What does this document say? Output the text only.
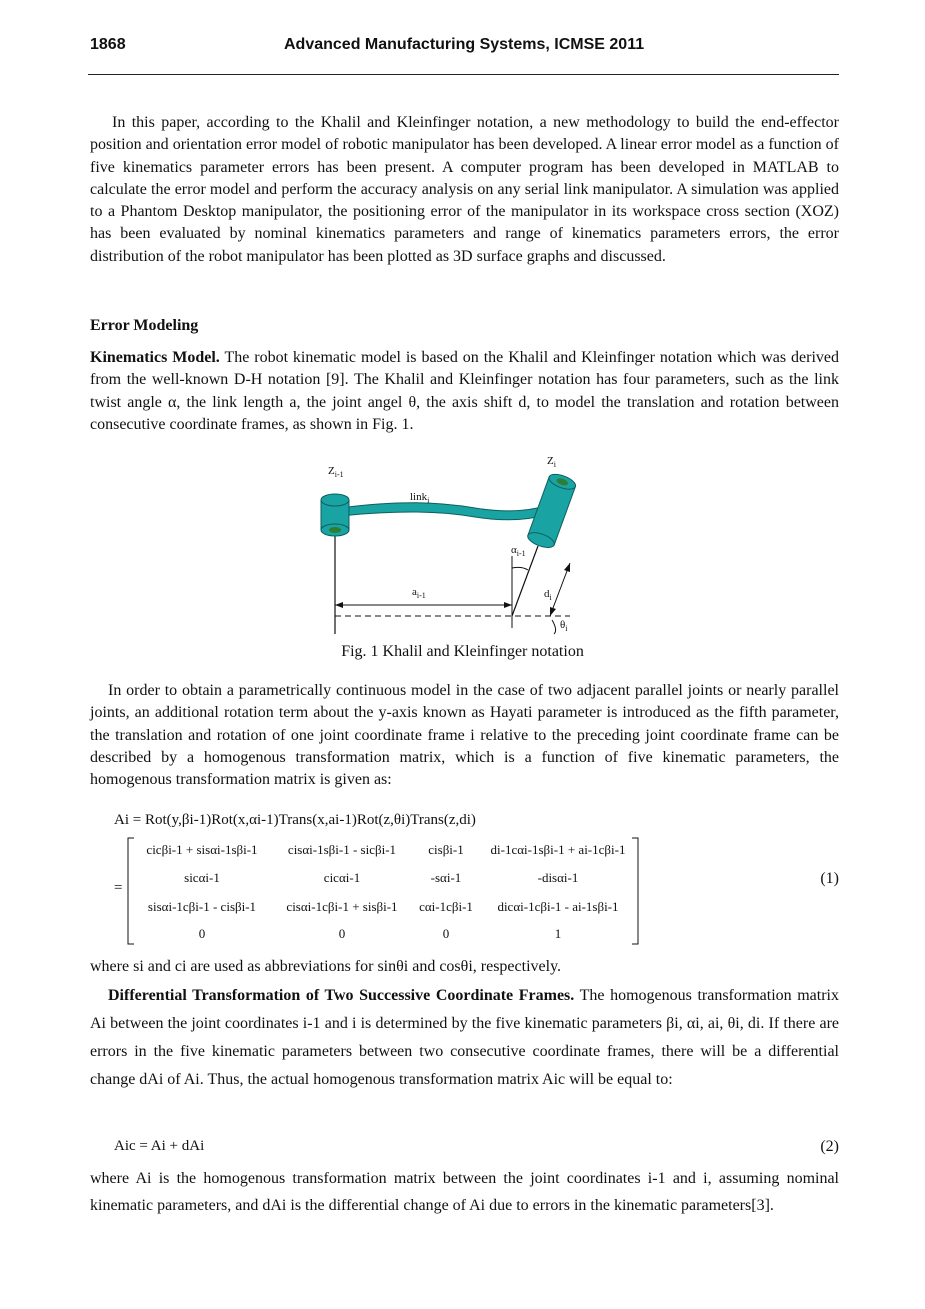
1868	Advanced Manufacturing Systems, ICMSE 2011
In this paper, according to the Khalil and Kleinfinger notation, a new methodology to build the end-effector position and orientation error model of robotic manipulator has been developed. A linear error model as a function of five kinematics parameter errors has been present. A computer program has been developed in MATLAB to calculate the error model and perform the accuracy analysis on any serial link manipulator. A simulation was applied to a Phantom Desktop manipulator, the positioning error of the manipulator in its workspace cross section (XOZ) has been evaluated by nominal kinematics parameters and range of kinematics parameters errors, the error distribution of the robot manipulator has been plotted as 3D surface graphs and discussed.
Error Modeling
Kinematics Model. The robot kinematic model is based on the Khalil and Kleinfinger notation which was derived from the well-known D-H notation [9]. The Khalil and Kleinfinger notation has four parameters, such as the link twist angle α, the link length a, the joint angel θ, the axis shift d, to model the translation and rotation between consecutive coordinate frames, as shown in Fig. 1.
$Z_{i-1}$
$Z_i$
link$_i$
$\alpha_{i-1}$
$a_{i-1}$	$d_i$
$\theta_i$
Fig. 1 Khalil and Kleinfinger notation
In order to obtain a parametrically continuous model in the case of two adjacent parallel joints or nearly parallel joints, an additional rotation term about the y-axis known as Hayati parameter is introduced as the fifth parameter, the translation and rotation of one joint coordinate frame i relative to the preceding joint coordinate frame can be described by a homogenous transformation matrix, which is a function of five kinematic parameters, the homogenous transformation matrix is given as:
Ai = Rot(y,βi-1)Rot(x,αi-1)Trans(x,ai-1)Rot(z,θi)Trans(z,di)
=
cicβi-1 + sisαi-1sβi-1	cisαi-1sβi-1 - sicβi-1	cisβi-1	di-1cαi-1sβi-1 + ai-1cβi-1
sicαi-1	cicαi-1	-sαi-1	-disαi-1
sisαi-1cβi-1 - cisβi-1	cisαi-1cβi-1 + sisβi-1	cαi-1cβi-1	dicαi-1cβi-1 - ai-1sβi-1
0	0	0	1
(1)
where si and ci are used as abbreviations for sinθi and cosθi, respectively.
Differential Transformation of Two Successive Coordinate Frames. The homogenous transformation matrix Ai between the joint coordinates i-1 and i is determined by the five kinematic parameters βi, αi, ai, θi, di. If there are errors in the five kinematic parameters between two consecutive coordinate frames, there will be a differential change dAi of Ai. Thus, the actual homogenous transformation matrix Aic will be equal to:
Aic = Ai + dAi	(2)
where Ai is the homogenous transformation matrix between the joint coordinates i-1 and i, assuming nominal kinematic parameters, and dAi is the differential change of Ai due to errors in the kinematic parameters[3].
